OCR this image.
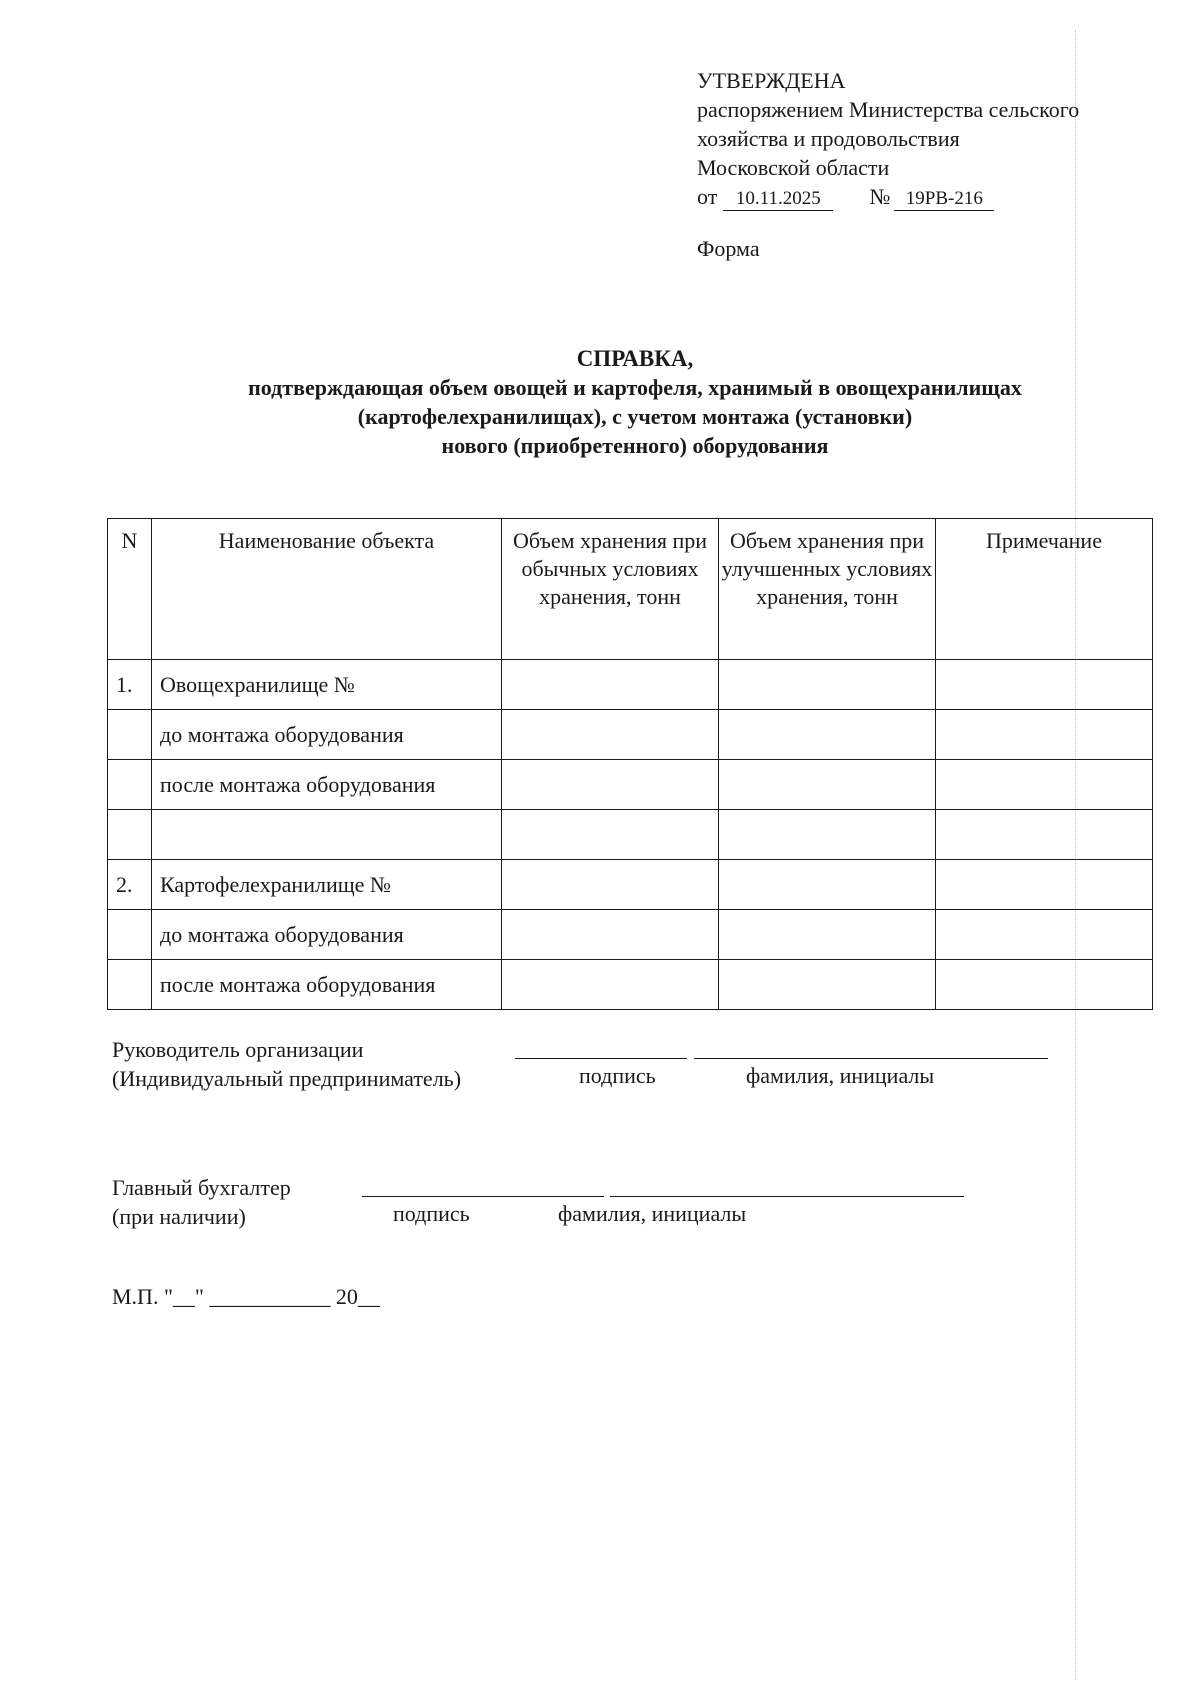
УТВЕРЖДЕНА
распоряжением Министерства сельского
хозяйства и продовольствия
Московской области
от 10.11.2025 № 19РВ-216
Форма
СПРАВКА,
подтверждающая объем овощей и картофеля, хранимый в овощехранилищах
(картофелехранилищах), с учетом монтажа (установки)
нового (приобретенного) оборудования
N	Наименование объекта	Объем хранения при обычных условиях хранения, тонн	Объем хранения при улучшенных условиях хранения, тонн	Примечание
1.	Овощехранилище №			
	до монтажа оборудования			
	после монтажа оборудования			

2.	Картофелехранилище №			
	до монтажа оборудования			
	после монтажа оборудования			
Руководитель организации
(Индивидуальный предприниматель)	подпись	фамилия, инициалы
Главный бухгалтер
(при наличии)	подпись	фамилия, инициалы
М.П. "__" ___________ 20__
